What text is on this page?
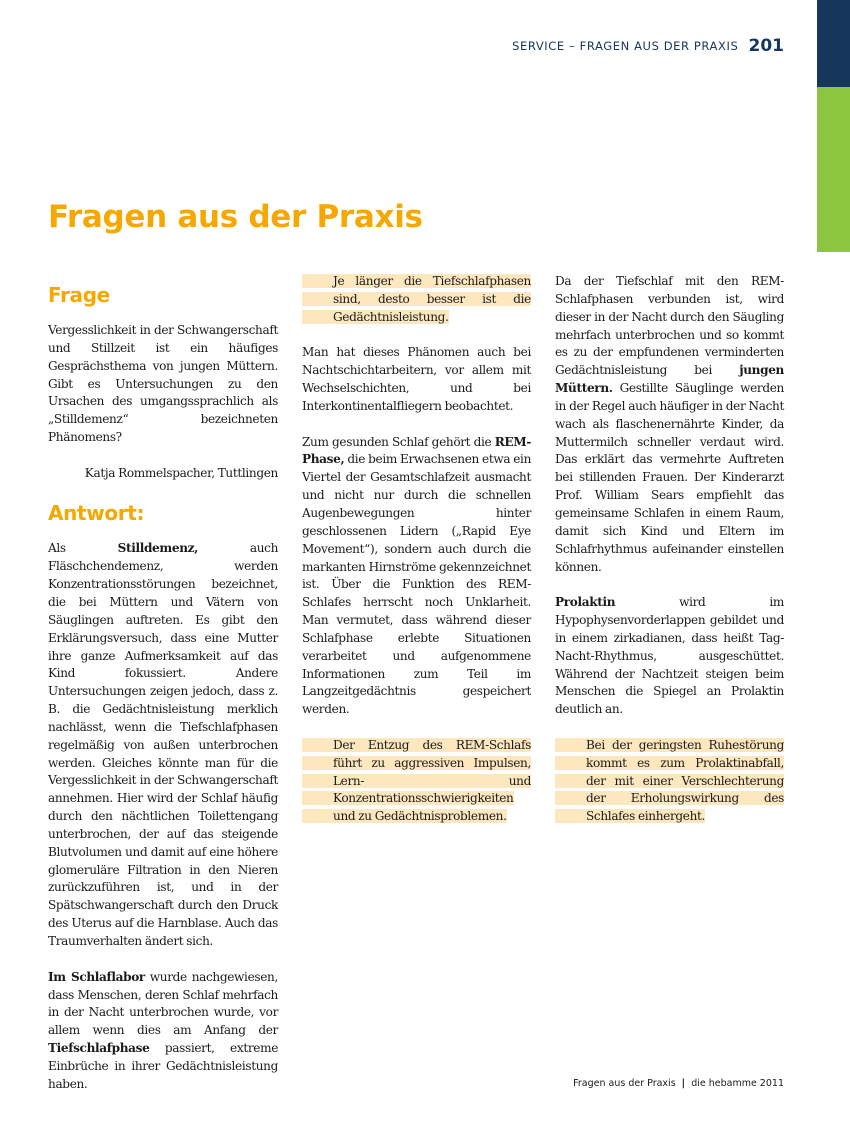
SERVICE – FRAGEN AUS DER PRAXIS 201
Fragen aus der Praxis
Frage

Vergesslichkeit in der Schwangerschaft und Stillzeit ist ein häufiges Gesprächsthema von jungen Müttern. Gibt es Untersuchungen zu den Ursachen des umgangssprachlich als „Stilldemenz“ bezeichneten Phänomens?

Katja Rommelspacher, Tuttlingen

Antwort:

Als	Stilldemenz,	auch Fläschchendemenz, werden Konzentrationsstörungen bezeichnet, die bei Müttern und Vätern von Säuglingen auftreten. Es gibt den Erklärungsversuch, dass eine Mutter ihre ganze Aufmerksamkeit auf das Kind fokussiert. Andere Untersuchungen zeigen jedoch, dass z. B. die Gedächtnisleistung merklich nachlässt, wenn die Tiefschlafphasen regelmäßig von außen unterbrochen werden. Gleiches könnte man für die Vergesslichkeit in der Schwangerschaft annehmen. Hier wird der Schlaf häufig durch den nächtlichen Toilettengang unterbrochen, der auf das steigende Blutvolumen und damit auf eine höhere glomeruläre Filtration in den Nieren zurückzuführen ist, und in der Spätschwangerschaft durch den Druck des Uterus auf die Harnblase. Auch das Traumverhalten ändert sich.

Im Schlaflabor wurde nachgewiesen, dass Menschen, deren Schlaf mehrfach in der Nacht unterbrochen wurde, vor allem wenn dies am Anfang der Tiefschlafphase passiert, extreme Einbrüche in ihrer Gedächtnisleistung haben.

Je länger die Tiefschlafphasen sind, desto besser ist die Gedächtnisleistung.

Man hat dieses Phänomen auch bei Nachtschichtarbeitern, vor allem mit Wechselschichten, und bei Interkontinentalfliegern beobachtet.

Zum gesunden Schlaf gehört die REM-Phase, die beim Erwachsenen etwa ein Viertel der Gesamtschlafzeit ausmacht und nicht nur durch die schnellen Augenbewegungen hinter geschlossenen Lidern („Rapid Eye Movement“), sondern auch durch die markanten Hirnströme gekennzeichnet ist. Über die Funktion des REM-Schlafes herrscht noch Unklarheit. Man vermutet, dass während dieser Schlafphase erlebte Situationen verarbeitet und aufgenommene Informationen zum Teil im Langzeitgedächtnis gespeichert werden.

Der Entzug des REM-Schlafs führt zu aggressiven Impulsen, Lern- und Konzentrationsschwierigkeiten und zu Gedächtnisproblemen.

Da der Tiefschlaf mit den REM-Schlafphasen verbunden ist, wird dieser in der Nacht durch den Säugling mehrfach unterbrochen und so kommt es zu der empfundenen verminderten Gedächtnisleistung bei jungen Müttern. Gestillte Säuglinge werden in der Regel auch häufiger in der Nacht wach als flaschenernährte Kinder, da Muttermilch schneller verdaut wird. Das erklärt das vermehrte Auftreten bei stillenden Frauen. Der Kinderarzt Prof. William Sears empfiehlt das gemeinsame Schlafen in einem Raum, damit sich Kind und Eltern im Schlafrhythmus aufeinander einstellen können.

Prolaktin	wird im Hypophysenvorderlappen gebildet und in einem zirkadianen, dass heißt Tag-Nacht-Rhythmus, ausgeschüttet. Während der Nachtzeit steigen beim Menschen die Spiegel an Prolaktin deutlich an.

Bei der geringsten Ruhestörung kommt es zum Prolaktinabfall, der mit einer Verschlechterung der Erholungswirkung des Schlafes einhergeht.

Fragen aus der Praxis | die hebamme 2011
